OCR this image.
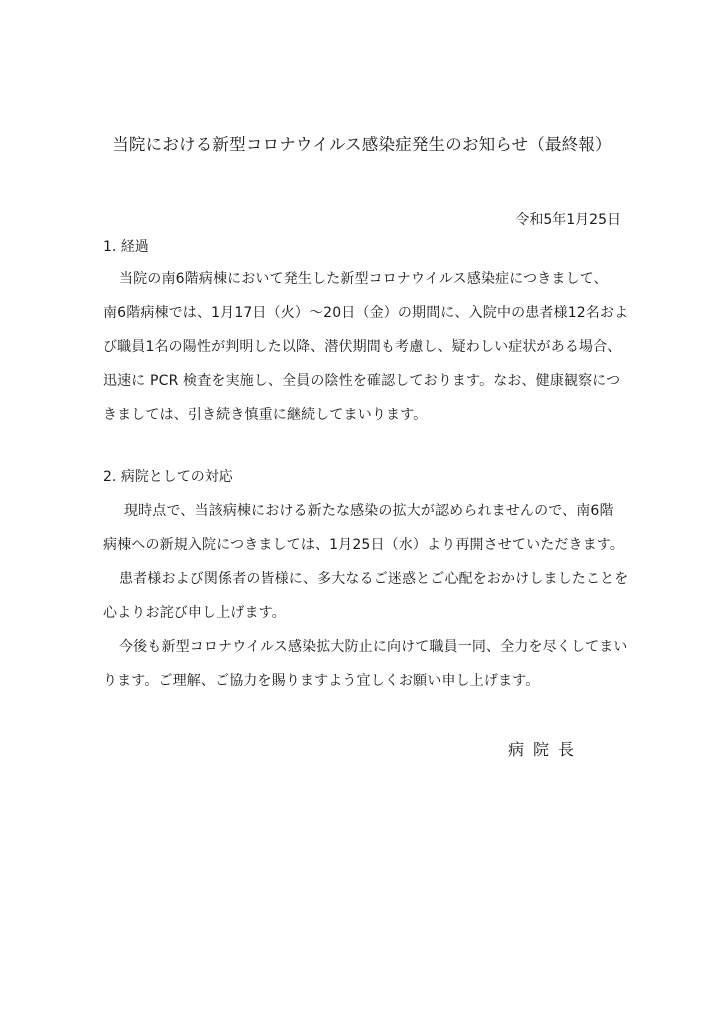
当院における新型コロナウイルス感染症発生のお知らせ（最終報）
令和5年1月25日
1. 経過
当院の南6階病棟において発生した新型コロナウイルス感染症につきまして、
南6階病棟では、1月17日（火）～20日（金）の期間に、入院中の患者様12名およ
び職員1名の陽性が判明した以降、潜伏期間も考慮し、疑わしい症状がある場合、
迅速に PCR 検査を実施し、全員の陰性を確認しております。なお、健康観察につ
きましては、引き続き慎重に継続してまいります。
2. 病院としての対応
現時点で、当該病棟における新たな感染の拡大が認められませんので、南6階
病棟への新規入院につきましては、1月25日（水）より再開させていただきます。
患者様および関係者の皆様に、多大なるご迷惑とご心配をおかけしましたことを
心よりお詫び申し上げます。
今後も新型コロナウイルス感染拡大防止に向けて職員一同、全力を尽くしてまい
ります。ご理解、ご協力を賜りますよう宜しくお願い申し上げます。
病院長
